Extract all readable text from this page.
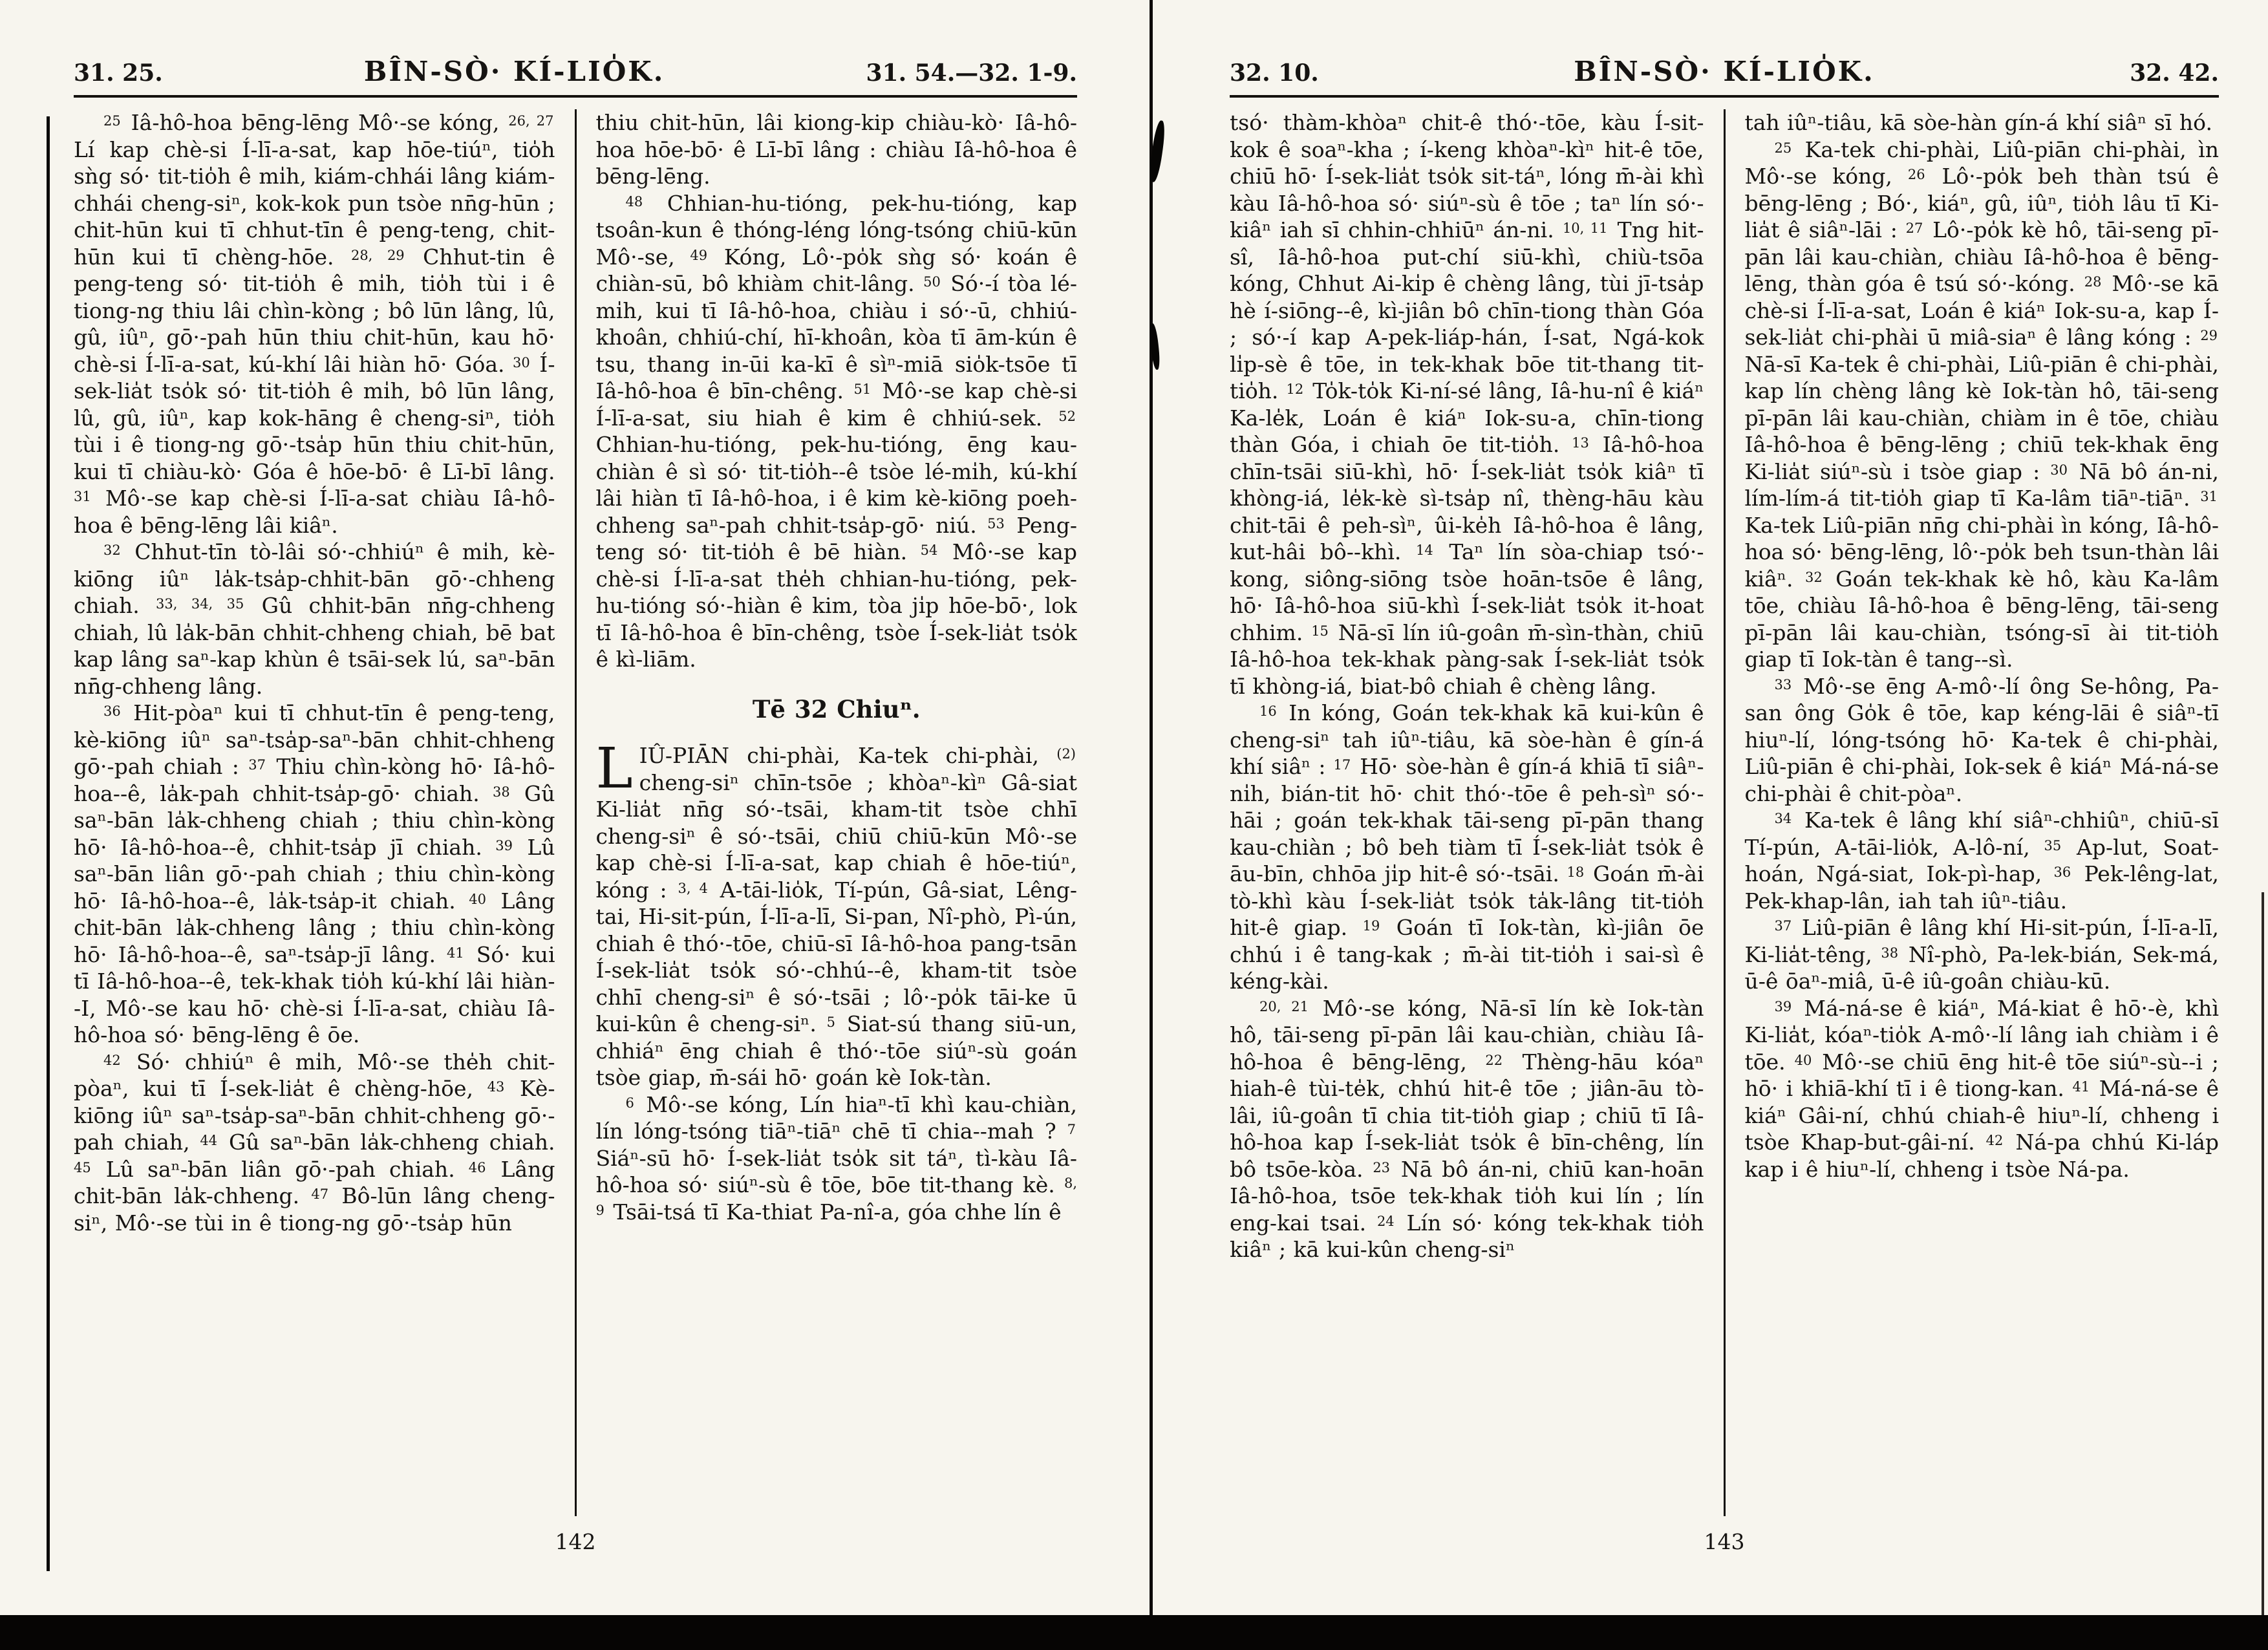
31. 25.	BÎN-SÒ· KÍ-LIO̍K.	31. 54.—32. 1-9.

$^{25}$ Iâ-hô-hoa bēng-lēng Mô·-se kóng, $^{26, 27}$ Lí kap chè-si Í-lī-a-sat, kap hōe-tiúⁿ, tio̍h sǹg só· tit-tio̍h ê mi̍h, kiám-chhái lâng kiám-chhái cheng-siⁿ, kok-kok pun tsòe nn̄g-hūn ; chit-hūn kui tī chhut-tīn ê peng-teng, chit-hūn kui tī chèng-hōe. $^{28, 29}$ Chhut-tin ê peng-teng só· tit-tio̍h ê mi̍h, tio̍h tùi i ê tiong-ng thiu lâi chìn-kòng ; bô lūn lâng, lû, gû, iûⁿ, gō·-pah hūn thiu chit-hūn, kau hō· chè-si Í-lī-a-sat, kú-khí lâi hiàn hō· Góa. $^{30}$ Í-sek-lia̍t tso̍k só· tit-tio̍h ê mi̍h, bô lūn lâng, lû, gû, iûⁿ, kap kok-hāng ê cheng-siⁿ, tio̍h tùi i ê tiong-ng gō·-tsa̍p hūn thiu chit-hūn, kui tī chiàu-kò· Góa ê hōe-bō· ê Lī-bī lâng. $^{31}$ Mô·-se kap chè-si Í-lī-a-sat chiàu Iâ-hô-hoa ê bēng-lēng lâi kiâⁿ.

$^{32}$ Chhut-tīn tò-lâi só·-chhiúⁿ ê mi̍h, kè-kiōng iûⁿ la̍k-tsa̍p-chhit-bān gō·-chheng chiah. $^{33, 34, 35}$ Gû chhit-bān nn̄g-chheng chiah, lû la̍k-bān chhit-chheng chiah, bē bat kap lâng saⁿ-kap khùn ê tsāi-sek lú, saⁿ-bān nn̄g-chheng lâng.

$^{36}$ Hit-pòaⁿ kui tī chhut-tīn ê peng-teng, kè-kiōng iûⁿ saⁿ-tsa̍p-saⁿ-bān chhit-chheng gō·-pah chiah : $^{37}$ Thiu chìn-kòng hō· Iâ-hô-hoa--ê, la̍k-pah chhit-tsa̍p-gō· chiah. $^{38}$ Gû saⁿ-bān la̍k-chheng chiah ; thiu chìn-kòng hō· Iâ-hô-hoa--ê, chhit-tsa̍p jī chiah. $^{39}$ Lû saⁿ-bān liân gō·-pah chiah ; thiu chìn-kòng hō· Iâ-hô-hoa--ê, la̍k-tsa̍p-it chiah. $^{40}$ Lâng chit-bān la̍k-chheng lâng ; thiu chìn-kòng hō· Iâ-hô-hoa--ê, saⁿ-tsa̍p-jī lâng. $^{41}$ Só· kui tī Iâ-hô-hoa--ê, tek-khak tio̍h kú-khí lâi hiàn--I, Mô·-se kau hō· chè-si Í-lī-a-sat, chiàu Iâ-hô-hoa só· bēng-lēng ê ōe.

$^{42}$ Só· chhiúⁿ ê mi̍h, Mô·-se the̍h chit-pòaⁿ, kui tī Í-sek-lia̍t ê chèng-hōe, $^{43}$ Kè-kiōng iûⁿ saⁿ-tsa̍p-saⁿ-bān chhit-chheng gō·-pah chiah, $^{44}$ Gû saⁿ-bān la̍k-chheng chiah. $^{45}$ Lû saⁿ-bān liân gō·-pah chiah. $^{46}$ Lâng chit-bān la̍k-chheng. $^{47}$ Bô-lūn lâng cheng-siⁿ, Mô·-se tùi in ê tiong-ng gō·-tsa̍p hūn

thiu chit-hūn, lâi kiong-kip chiàu-kò· Iâ-hô-hoa hōe-bō· ê Lī-bī lâng : chiàu Iâ-hô-hoa ê bēng-lēng.

$^{48}$ Chhian-hu-tióng, pek-hu-tióng, kap tsoân-kun ê thóng-léng lóng-tsóng chiū-kūn Mô·-se, $^{49}$ Kóng, Lô·-po̍k sǹg só· koán ê chiàn-sū, bô khiàm chit-lâng. $^{50}$ Só·-í tòa lé-mi̍h, kui tī Iâ-hô-hoa, chiàu i só·-ū, chhiú-khoân, chhiú-chí, hī-khoân, kòa tī ām-kún ê tsu, thang in-ūi ka-kī ê sìⁿ-miā sio̍k-tsōe tī Iâ-hô-hoa ê bīn-chêng. $^{51}$ Mô·-se kap chè-si Í-lī-a-sat, siu hiah ê kim ê chhiú-sek. $^{52}$ Chhian-hu-tióng, pek-hu-tióng, ēng kau-chiàn ê sì só· tit-tio̍h--ê tsòe lé-mi̍h, kú-khí lâi hiàn tī Iâ-hô-hoa, i ê kim kè-kiōng poeh-chheng saⁿ-pah chhit-tsa̍p-gō· niú. $^{53}$ Peng-teng só· tit-tio̍h ê bē hiàn. $^{54}$ Mô·-se kap chè-si Í-lī-a-sat the̍h chhian-hu-tióng, pek-hu-tióng só·-hiàn ê kim, tòa ji̍p hōe-bō·, lok tī Iâ-hô-hoa ê bīn-chêng, tsòe Í-sek-lia̍t tso̍k ê kì-liām.

Tē 32 Chiuⁿ.

LIÛ-PIĀN chi-phài, Ka-tek chi-phài, $^{(2)}$ cheng-siⁿ chīn-tsōe ; khòaⁿ-kìⁿ Gâ-siat Ki-lia̍t nn̄g só·-tsāi, kham-tit tsòe chhī cheng-siⁿ ê só·-tsāi, chiū chiū-kūn Mô·-se kap chè-si Í-lī-a-sat, kap chiah ê hōe-tiúⁿ, kóng : $^{3, 4}$ A-tāi-lio̍k, Tí-pún, Gâ-siat, Lêng-tai, Hi-sit-pún, Í-lī-a-lī, Si-pan, Nî-phò, Pì-ún, chiah ê thó·-tōe, chiū-sī Iâ-hô-hoa pang-tsān Í-sek-lia̍t tso̍k só·-chhú--ê, kham-tit tsòe chhī cheng-siⁿ ê só·-tsāi ; lô·-po̍k tāi-ke ū kui-kûn ê cheng-siⁿ. $^5$ Siat-sú thang siū-un, chhiáⁿ ēng chiah ê thó·-tōe siúⁿ-sù goán tsòe giap, m̄-sái hō· goán kè Iok-tàn.

$^6$ Mô·-se kóng, Lín hiaⁿ-tī khì kau-chiàn, lín lóng-tsóng tiāⁿ-tiāⁿ chē tī chia--mah ? $^7$ Siáⁿ-sū hō· Í-sek-lia̍t tso̍k sit táⁿ, tì-kàu Iâ-hô-hoa só· siúⁿ-sù ê tōe, bōe tit-thang kè. $^{8, 9}$ Tsāi-tsá tī Ka-thiat Pa-nî-a, góa chhe lín ê

142
32. 10.	BÎN-SÒ· KÍ-LIO̍K.	32. 42.

tsó· thàm-khòaⁿ chit-ê thó·-tōe, kàu Í-sit-kok ê soaⁿ-kha ; í-keng khòaⁿ-kìⁿ hit-ê tōe, chiū hō· Í-sek-lia̍t tso̍k sit-táⁿ, lóng m̄-ài khì kàu Iâ-hô-hoa só· siúⁿ-sù ê tōe ; taⁿ lín só·-kiâⁿ iah sī chhin-chhiūⁿ án-ni. $^{10, 11}$ Tng hit-sî, Iâ-hô-hoa put-chí siū-khì, chiù-tsōa kóng, Chhut Ai-ki̍p ê chèng lâng, tùi jī-tsa̍p hè í-siōng--ê, kì-jiân bô chīn-tiong thàn Góa ; só·-í kap A-pek-liáp-hán, Í-sat, Ngá-kok li̍p-sè ê tōe, in tek-khak bōe tit-thang tit-tio̍h. $^{12}$ To̍k-to̍k Ki-ní-sé lâng, Iâ-hu-nî ê kiáⁿ Ka-le̍k, Loán ê kiáⁿ Iok-su-a, chīn-tiong thàn Góa, i chiah ōe tit-tio̍h. $^{13}$ Iâ-hô-hoa chīn-tsāi siū-khì, hō· Í-sek-lia̍t tso̍k kiâⁿ tī khòng-iá, le̍k-kè sì-tsa̍p nî, thèng-hāu kàu chit-tāi ê peh-sìⁿ, ûi-ke̍h Iâ-hô-hoa ê lâng, kut-hâi bô--khì. $^{14}$ Taⁿ lín sòa-chiap tsó·-kong, siông-siōng tsòe hoān-tsōe ê lâng, hō· Iâ-hô-hoa siū-khì Í-sek-lia̍t tso̍k it-hoat chhim. $^{15}$ Nā-sī lín iû-goân m̄-sìn-thàn, chiū Iâ-hô-hoa tek-khak pàng-sak Í-sek-lia̍t tso̍k tī khòng-iá, biat-bô chiah ê chèng lâng.

$^{16}$ In kóng, Goán tek-khak kā kui-kûn ê cheng-siⁿ tah iûⁿ-tiâu, kā sòe-hàn ê gín-á khí siâⁿ : $^{17}$ Hō· sòe-hàn ê gín-á khiā tī siâⁿ-ni̍h, bián-tit hō· chit thó·-tōe ê peh-sìⁿ só·-hāi ; goán tek-khak tāi-seng pī-pān thang kau-chiàn ; bô beh tiàm tī Í-sek-lia̍t tso̍k ê āu-bīn, chhōa ji̍p hit-ê só·-tsāi. $^{18}$ Goán m̄-ài tò-khì kàu Í-sek-lia̍t tso̍k ta̍k-lâng tit-tio̍h hit-ê giap. $^{19}$ Goán tī Iok-tàn, kì-jiân ōe chhú i ê tang-kak ; m̄-ài tit-tio̍h i sai-sì ê kéng-kài.

$^{20, 21}$ Mô·-se kóng, Nā-sī lín kè Iok-tàn hô, tāi-seng pī-pān lâi kau-chiàn, chiàu Iâ-hô-hoa ê bēng-lēng, $^{22}$ Thèng-hāu kóaⁿ hiah-ê tùi-te̍k, chhú hit-ê tōe ; jiân-āu tò-lâi, iû-goân tī chia tit-tio̍h giap ; chiū tī Iâ-hô-hoa kap Í-sek-lia̍t tso̍k ê bīn-chêng, lín bô tsōe-kòa. $^{23}$ Nā bô án-ni, chiū kan-hoān Iâ-hô-hoa, tsōe tek-khak tio̍h kui lín ; lín eng-kai tsai. $^{24}$ Lín só· kóng tek-khak tio̍h kiâⁿ ; kā kui-kûn cheng-siⁿ

tah iûⁿ-tiâu, kā sòe-hàn gín-á khí siâⁿ sī hó.

$^{25}$ Ka-tek chi-phài, Liû-piān chi-phài, ìn Mô·-se kóng, $^{26}$ Lô·-po̍k beh thàn tsú ê bēng-lēng ; Bó·, kiáⁿ, gû, iûⁿ, tio̍h lâu tī Ki-lia̍t ê siâⁿ-lāi : $^{27}$ Lô·-po̍k kè hô, tāi-seng pī-pān lâi kau-chiàn, chiàu Iâ-hô-hoa ê bēng-lēng, thàn góa ê tsú só·-kóng. $^{28}$ Mô·-se kā chè-si Í-lī-a-sat, Loán ê kiáⁿ Iok-su-a, kap Í-sek-lia̍t chi-phài ū miâ-siaⁿ ê lâng kóng : $^{29}$ Nā-sī Ka-tek ê chi-phài, Liû-piān ê chi-phài, kap lín chèng lâng kè Iok-tàn hô, tāi-seng pī-pān lâi kau-chiàn, chiàm in ê tōe, chiàu Iâ-hô-hoa ê bēng-lēng ; chiū tek-khak ēng Ki-lia̍t siúⁿ-sù i tsòe giap : $^{30}$ Nā bô án-ni, lím-lím-á tit-tio̍h giap tī Ka-lâm tiāⁿ-tiāⁿ. $^{31}$ Ka-tek Liû-piān nn̄g chi-phài ìn kóng, Iâ-hô-hoa só· bēng-lēng, lô·-po̍k beh tsun-thàn lâi kiâⁿ. $^{32}$ Goán tek-khak kè hô, kàu Ka-lâm tōe, chiàu Iâ-hô-hoa ê bēng-lēng, tāi-seng pī-pān lâi kau-chiàn, tsóng-sī ài tit-tio̍h giap tī Iok-tàn ê tang--sì.

$^{33}$ Mô·-se ēng A-mô·-lí ông Se-hông, Pa-san ông Go̍k ê tōe, kap kéng-lāi ê siâⁿ-tī hiuⁿ-lí, lóng-tsóng hō· Ka-tek ê chi-phài, Liû-piān ê chi-phài, Iok-sek ê kiáⁿ Má-ná-se chi-phài ê chit-pòaⁿ.

$^{34}$ Ka-tek ê lâng khí siâⁿ-chhiûⁿ, chiū-sī Tí-pún, A-tāi-lio̍k, A-lô-ní, $^{35}$ Ap-lut, Soat-hoán, Ngá-siat, Iok-pì-hap, $^{36}$ Pek-lêng-lat, Pek-khap-lân, iah tah iûⁿ-tiâu.

$^{37}$ Liû-piān ê lâng khí Hi-sit-pún, Í-lī-a-lī, Ki-lia̍t-têng, $^{38}$ Nî-phò, Pa-lek-bián, Sek-má, ū-ê ōaⁿ-miâ, ū-ê iû-goân chiàu-kū.

$^{39}$ Má-ná-se ê kiáⁿ, Má-kiat ê hō·-è, khì Ki-lia̍t, kóaⁿ-tio̍k A-mô·-lí lâng iah chiàm i ê tōe. $^{40}$ Mô·-se chiū ēng hit-ê tōe siúⁿ-sù--i ; hō· i khiā-khí tī i ê tiong-kan. $^{41}$ Má-ná-se ê kiáⁿ Gâi-ní, chhú chiah-ê hiuⁿ-lí, chheng i tsòe Khap-but-gâi-ní. $^{42}$ Ná-pa chhú Ki-láp kap i ê hiuⁿ-lí, chheng i tsòe Ná-pa.

143
